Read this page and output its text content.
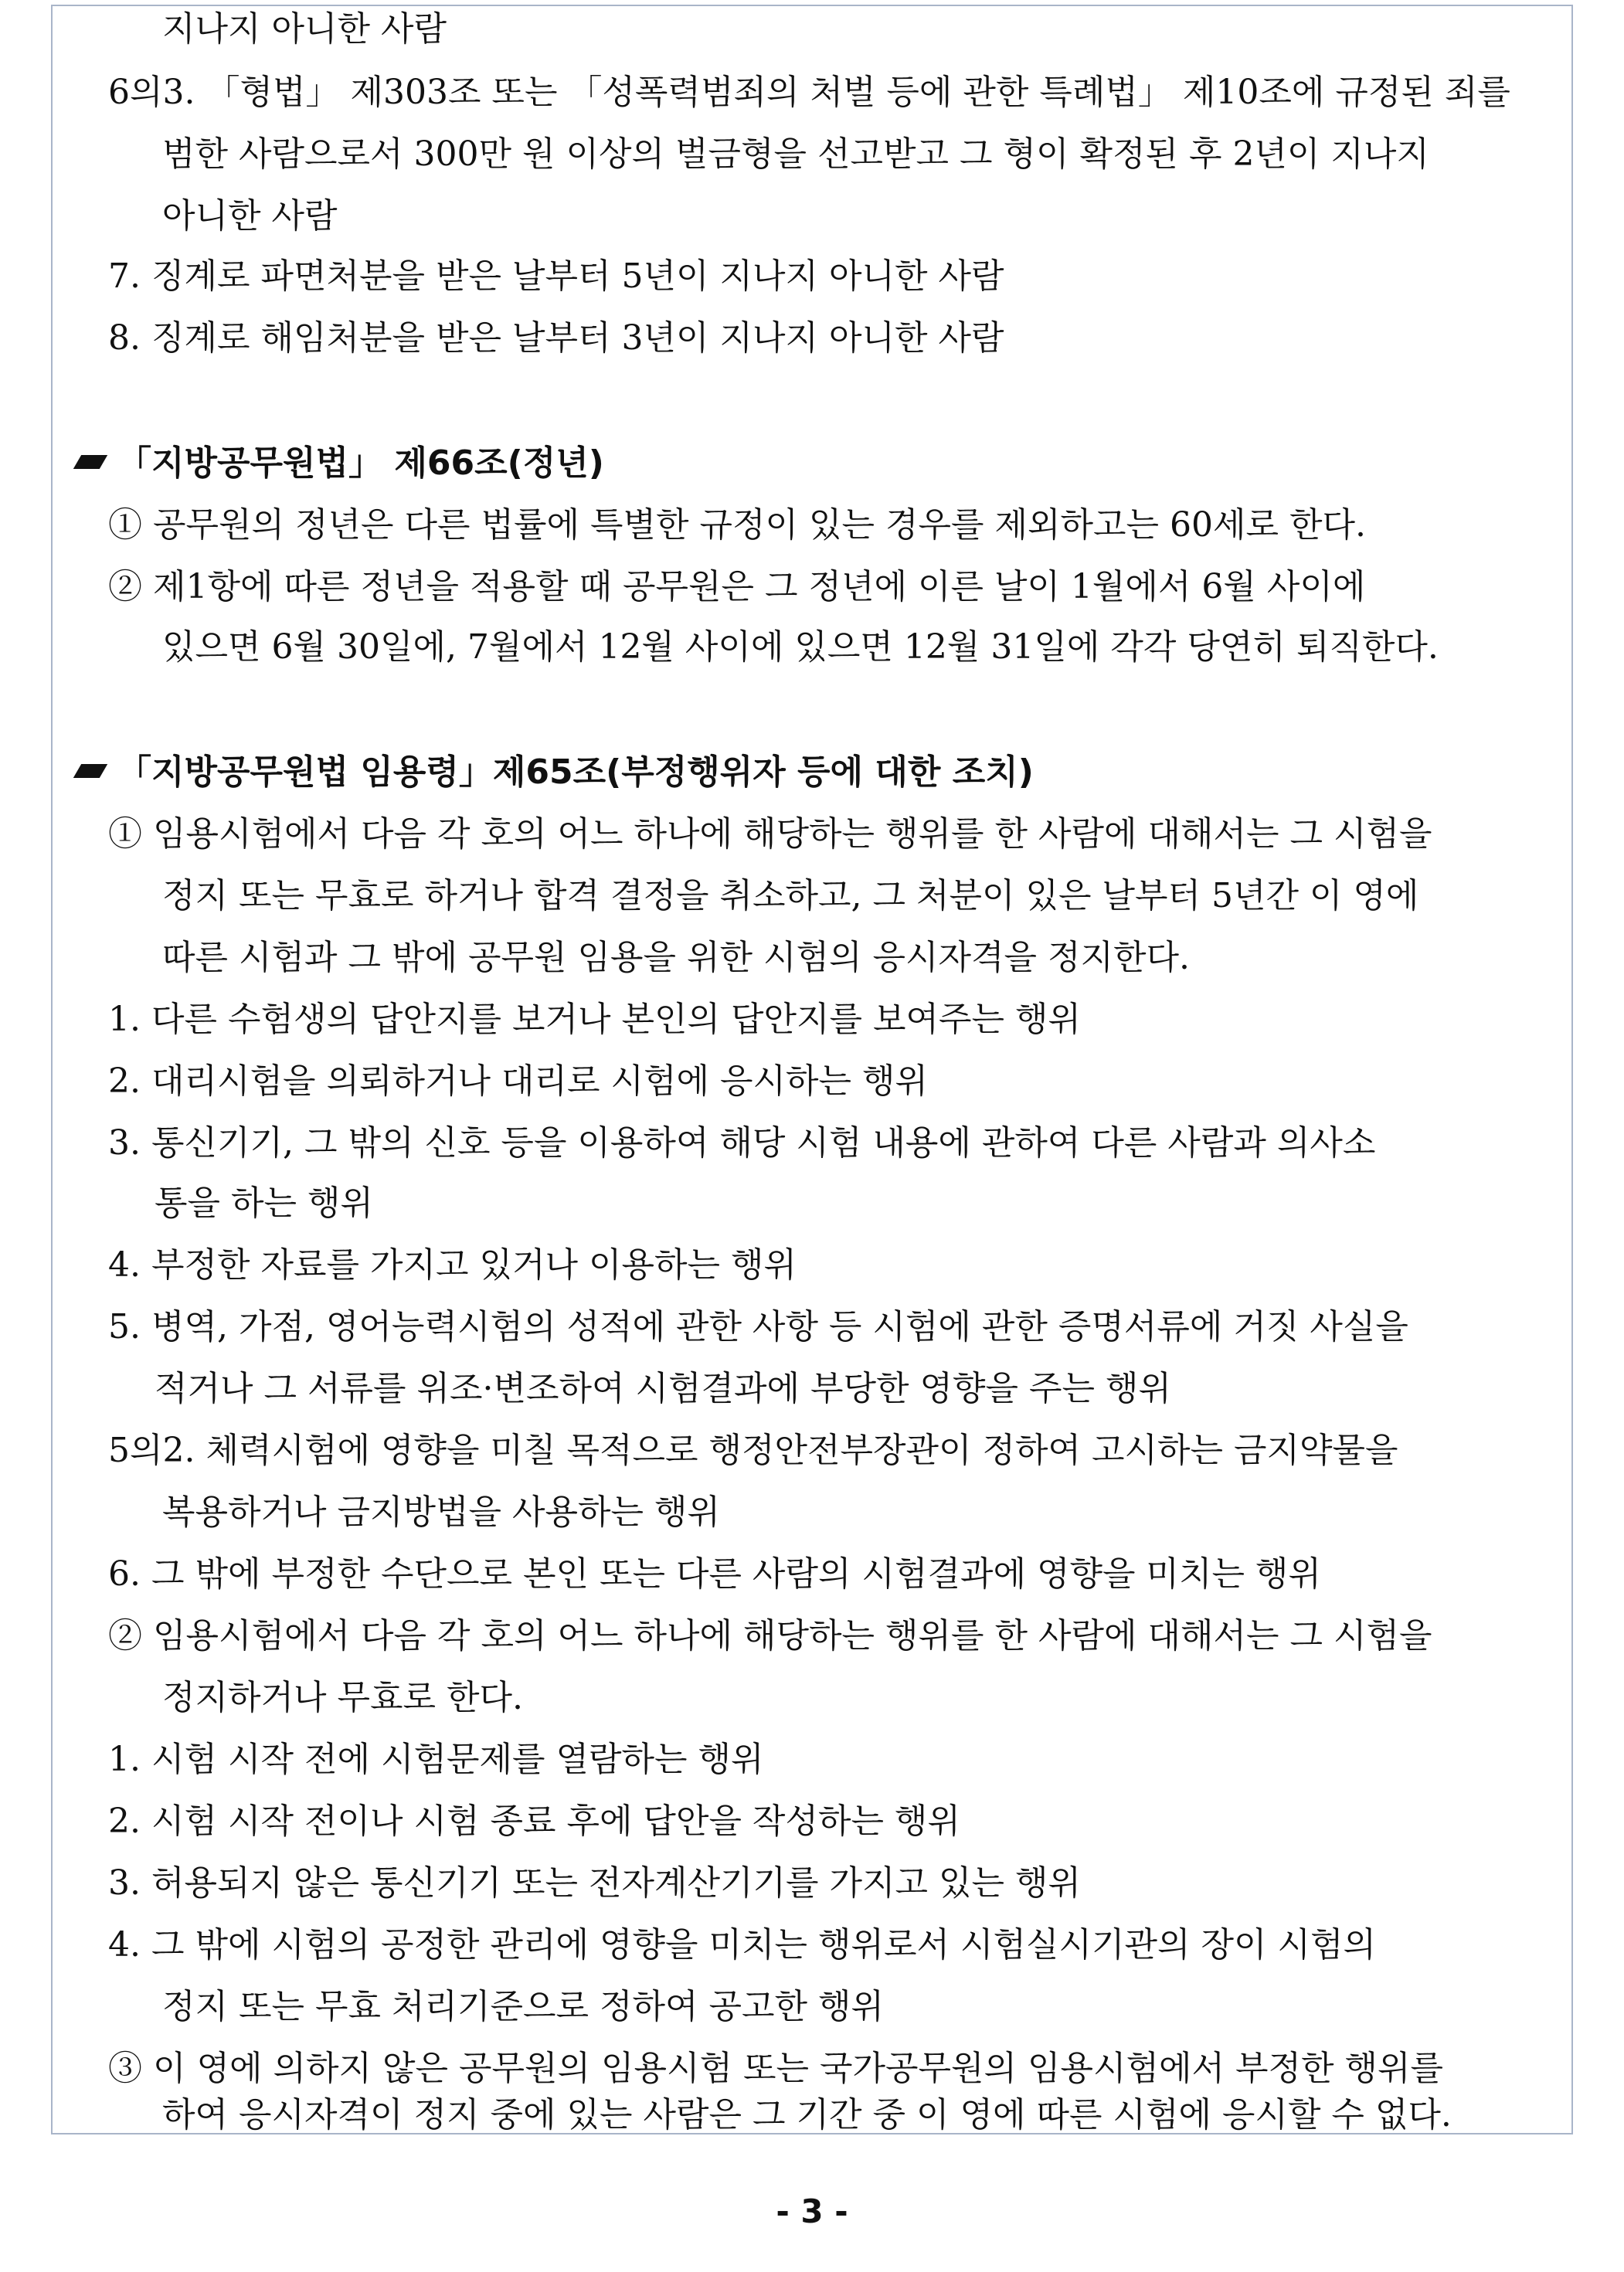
지나지 아니한 사람
6의3. 「형법」 제303조 또는 「성폭력범죄의 처벌 등에 관한 특례법」 제10조에 규정된 죄를
범한 사람으로서 300만 원 이상의 벌금형을 선고받고 그 형이 확정된 후 2년이 지나지
아니한 사람
7. 징계로 파면처분을 받은 날부터 5년이 지나지 아니한 사람
8. 징계로 해임처분을 받은 날부터 3년이 지나지 아니한 사람
「지방공무원법」 제66조(정년)
① 공무원의 정년은 다른 법률에 특별한 규정이 있는 경우를 제외하고는 60세로 한다.
② 제1항에 따른 정년을 적용할 때 공무원은 그 정년에 이른 날이 1월에서 6월 사이에
있으면 6월 30일에, 7월에서 12월 사이에 있으면 12월 31일에 각각 당연히 퇴직한다.
「지방공무원법 임용령」제65조(부정행위자 등에 대한 조치)
① 임용시험에서 다음 각 호의 어느 하나에 해당하는 행위를 한 사람에 대해서는 그 시험을
정지 또는 무효로 하거나 합격 결정을 취소하고, 그 처분이 있은 날부터 5년간 이 영에
따른 시험과 그 밖에 공무원 임용을 위한 시험의 응시자격을 정지한다.
1. 다른 수험생의 답안지를 보거나 본인의 답안지를 보여주는 행위
2. 대리시험을 의뢰하거나 대리로 시험에 응시하는 행위
3. 통신기기, 그 밖의 신호 등을 이용하여 해당 시험 내용에 관하여 다른 사람과 의사소
통을 하는 행위
4. 부정한 자료를 가지고 있거나 이용하는 행위
5. 병역, 가점, 영어능력시험의 성적에 관한 사항 등 시험에 관한 증명서류에 거짓 사실을
적거나 그 서류를 위조·변조하여 시험결과에 부당한 영향을 주는 행위
5의2. 체력시험에 영향을 미칠 목적으로 행정안전부장관이 정하여 고시하는 금지약물을
복용하거나 금지방법을 사용하는 행위
6. 그 밖에 부정한 수단으로 본인 또는 다른 사람의 시험결과에 영향을 미치는 행위
② 임용시험에서 다음 각 호의 어느 하나에 해당하는 행위를 한 사람에 대해서는 그 시험을
정지하거나 무효로 한다.
1. 시험 시작 전에 시험문제를 열람하는 행위
2. 시험 시작 전이나 시험 종료 후에 답안을 작성하는 행위
3. 허용되지 않은 통신기기 또는 전자계산기기를 가지고 있는 행위
4. 그 밖에 시험의 공정한 관리에 영향을 미치는 행위로서 시험실시기관의 장이 시험의
정지 또는 무효 처리기준으로 정하여 공고한 행위
③ 이 영에 의하지 않은 공무원의 임용시험 또는 국가공무원의 임용시험에서 부정한 행위를
하여 응시자격이 정지 중에 있는 사람은 그 기간 중 이 영에 따른 시험에 응시할 수 없다.
- 3 -
